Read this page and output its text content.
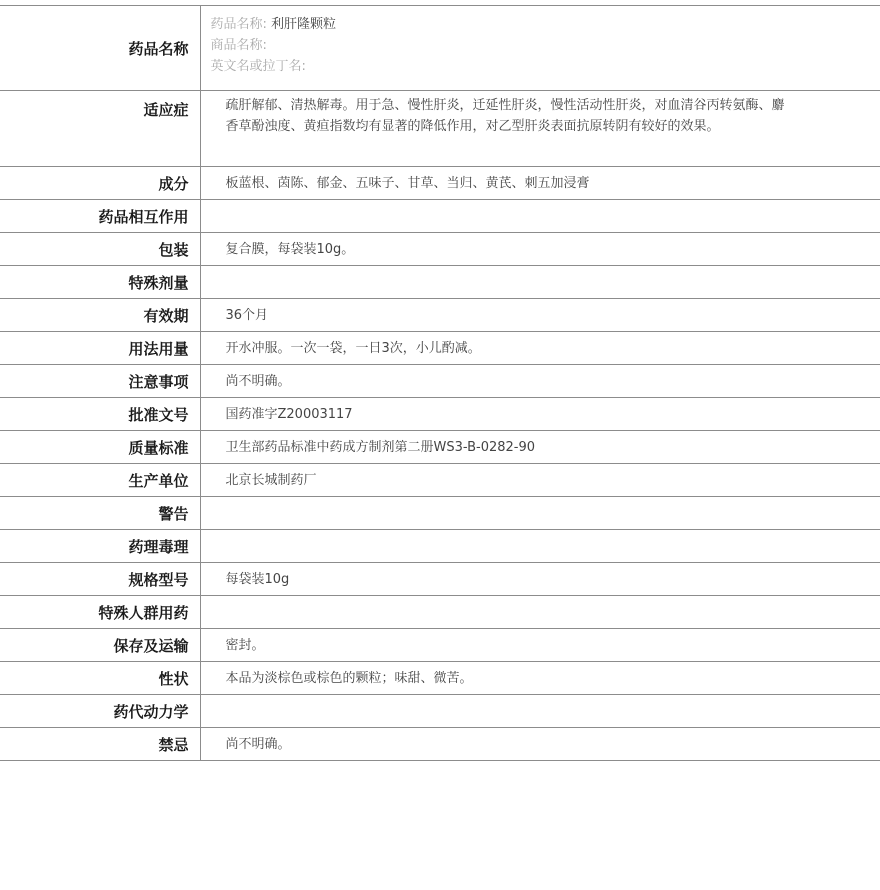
药品名称	药品名称: 利肝隆颗粒
商品名称:
英文名或拉丁名:

适应症	疏肝解郁、清热解毒。用于急、慢性肝炎，迁延性肝炎，慢性活动性肝炎，对血清谷丙转氨酶、麝香草酚浊度、黄疸指数均有显著的降低作用，对乙型肝炎表面抗原转阴有较好的效果。
成分	板蓝根、茵陈、郁金、五味子、甘草、当归、黄芪、刺五加浸膏
药品相互作用	
包装	复合膜，每袋装10g。
特殊剂量	
有效期	36个月
用法用量	开水冲服。一次一袋，一日3次，小儿酌减。
注意事项	尚不明确。
批准文号	国药准字Z20003117
质量标准	卫生部药品标准中药成方制剂第二册WS3-B-0282-90
生产单位	北京长城制药厂
警告	
药理毒理	
规格型号	每袋装10g
特殊人群用药	
保存及运输	密封。
性状	本品为淡棕色或棕色的颗粒；味甜、微苦。
药代动力学	
禁忌	尚不明确。
